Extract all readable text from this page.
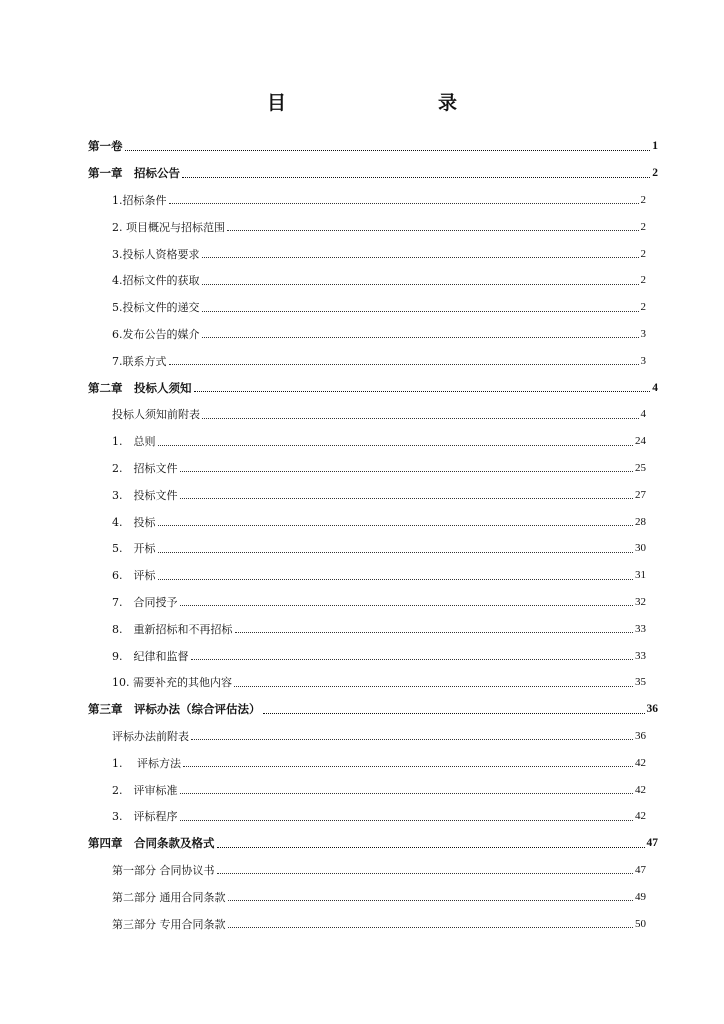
目　　录
第一卷	1
第一章　招标公告	2
1.招标条件	2
2. 项目概况与招标范围	2
3.投标人资格要求	2
4.招标文件的获取	2
5.投标文件的递交	2
6.发布公告的媒介	3
7.联系方式	3
第二章　投标人须知	4
投标人须知前附表	4
1.　总则	24
2.　招标文件	25
3.　投标文件	27
4.　投标	28
5.　开标	30
6.　评标	31
7.　合同授予	32
8.　重新招标和不再招标	33
9.　纪律和监督	33
10. 需要补充的其他内容	35
第三章　评标办法（综合评估法）	36
评标办法前附表	36
1.　 评标方法	42
2.　评审标准	42
3.　评标程序	42
第四章　合同条款及格式	47
第一部分 合同协议书	47
第二部分 通用合同条款	49
第三部分 专用合同条款	50
